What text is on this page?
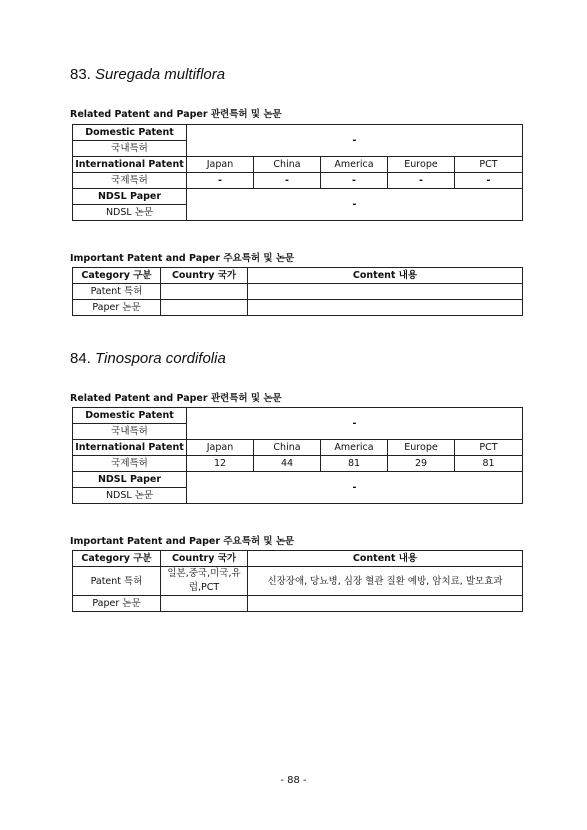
83. Suregada multiflora
Related Patent and Paper 관련특허 및 논문
Domestic Patent	-				
국내특허					
International Patent	Japan	China	America	Europe	PCT
국제특허	-	-	-	-	-
NDSL Paper	-				
NDSL 논문					
Important Patent and Paper 주요특허 및 논문
Category 구분	Country 국가	Content 내용
Patent 특허		
Paper 논문		
84. Tinospora cordifolia
Related Patent and Paper 관련특허 및 논문
Domestic Patent	-				
국내특허					
International Patent	Japan	China	America	Europe	PCT
국제특허	12	44	81	29	81
NDSL Paper	-				
NDSL 논문					
Important Patent and Paper 주요특허 및 논문
Category 구분	Country 국가	Content 내용
Patent 특허	일본,중국,미국,유럽,PCT	신장장애, 당뇨병, 심장 혈관 질환 예방, 암치료, 발모효과
Paper 논문		
- 88 -
